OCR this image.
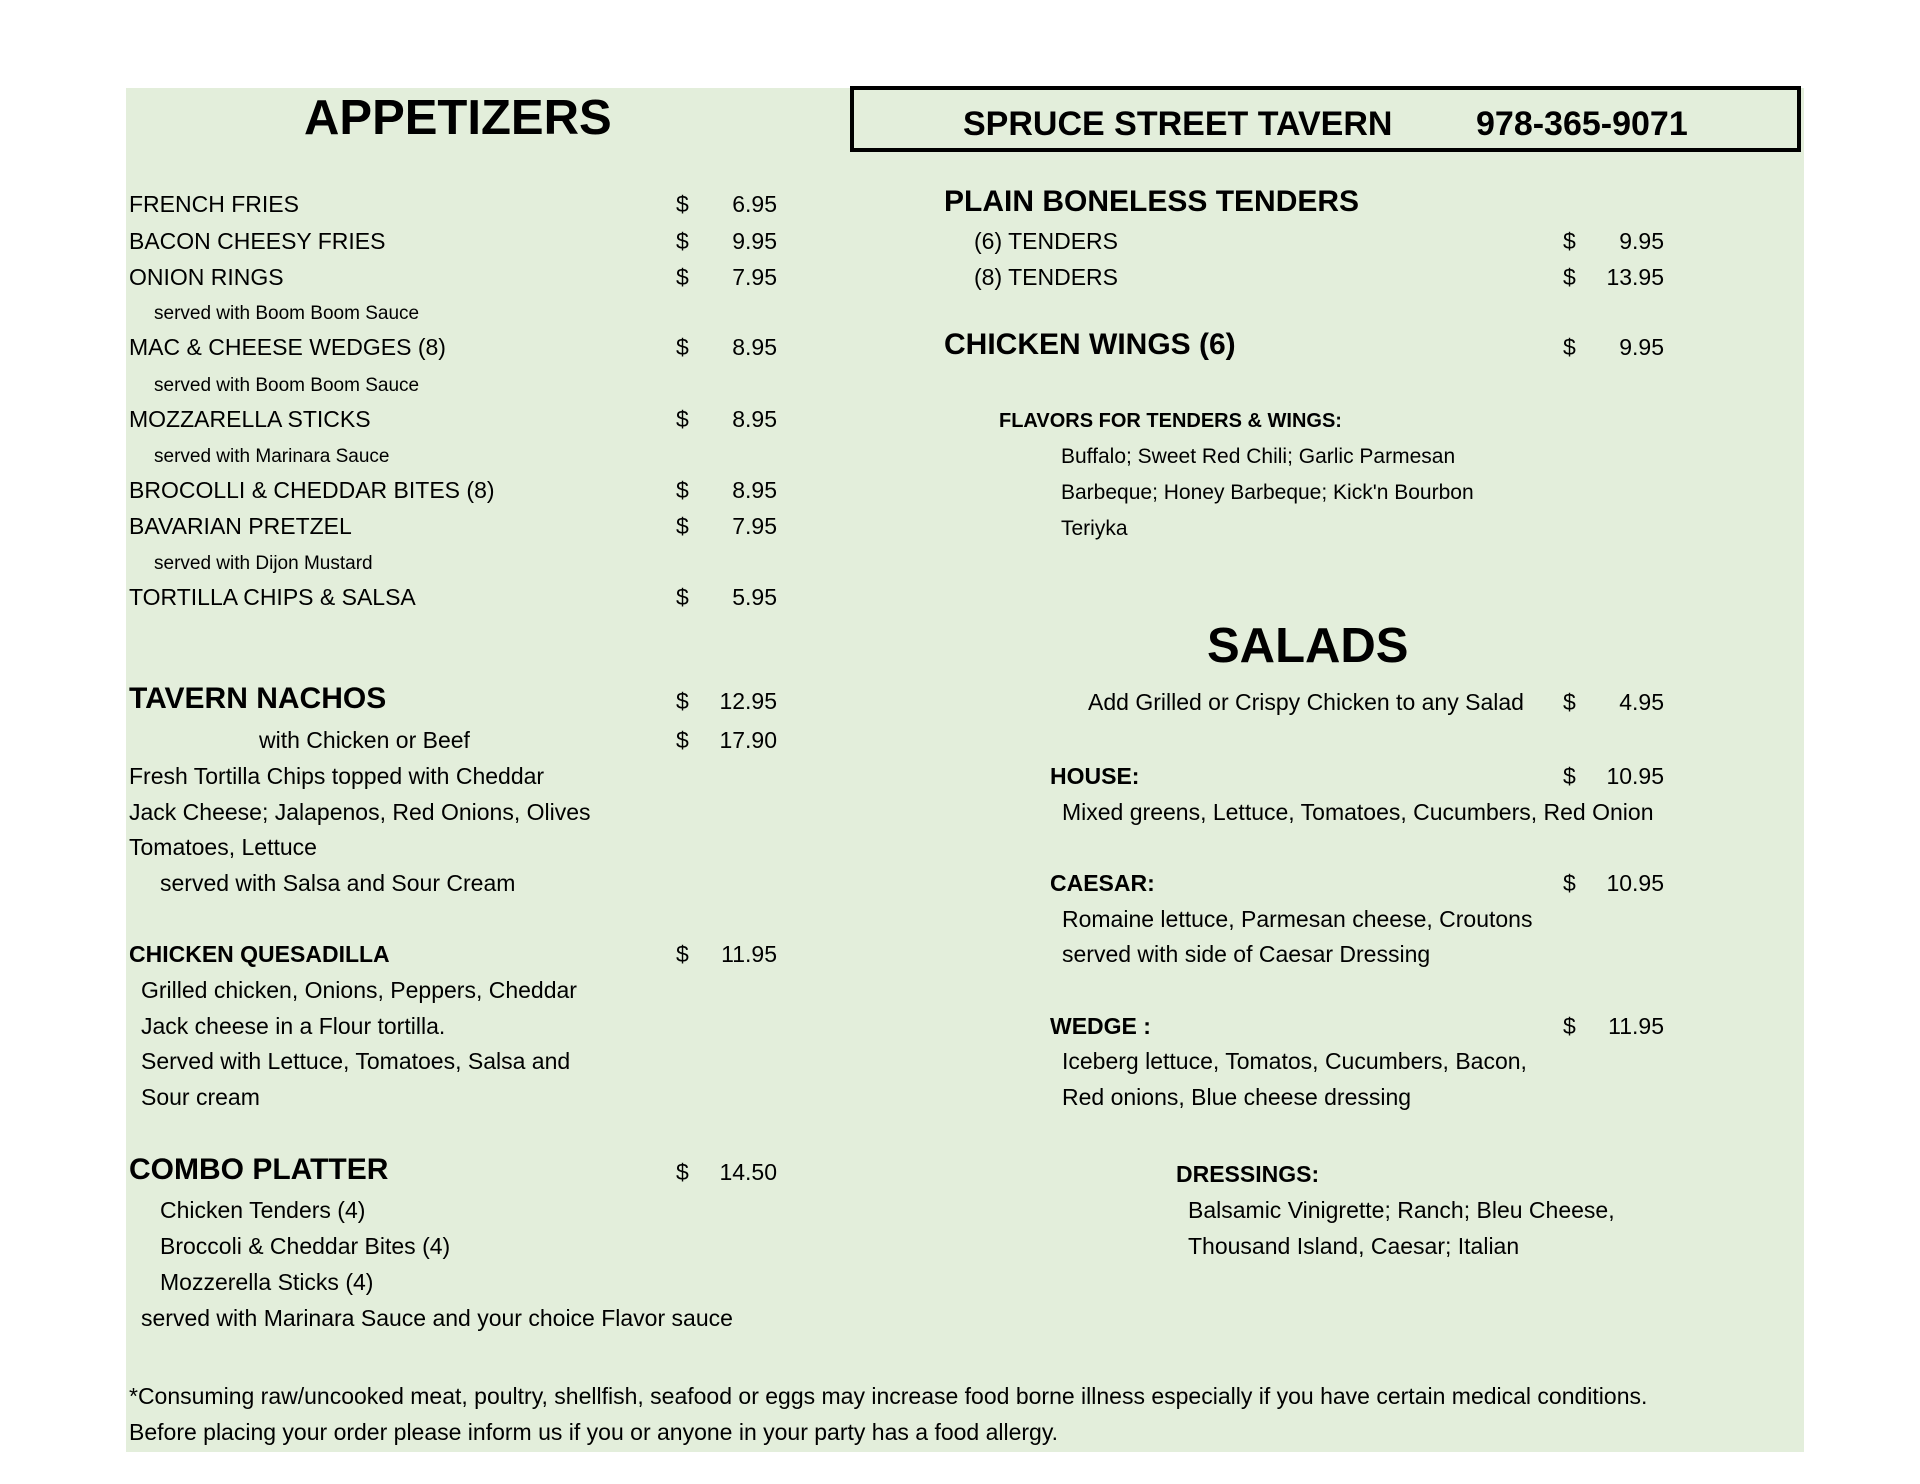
SPRUCE STREET TAVERN 978-365-9071
APPETIZERS
FRENCH FRIES	$	6.95
BACON CHEESY FRIES	$	9.95
ONION RINGS	$	7.95
served with Boom Boom Sauce
MAC & CHEESE WEDGES (8)	$	8.95
served with Boom Boom Sauce
MOZZARELLA STICKS	$	8.95
served with Marinara Sauce
BROCOLLI & CHEDDAR BITES (8)	$	8.95
BAVARIAN PRETZEL	$	7.95
served with Dijon Mustard
TORTILLA CHIPS & SALSA	$	5.95
TAVERN NACHOS	$	12.95
with Chicken or Beef	$	17.90
Fresh Tortilla Chips topped with Cheddar
Jack Cheese; Jalapenos, Red Onions, Olives
Tomatoes, Lettuce
served with Salsa and Sour Cream
CHICKEN QUESADILLA	$	11.95
Grilled chicken, Onions, Peppers, Cheddar
Jack cheese in a Flour tortilla.
Served with Lettuce, Tomatoes, Salsa and
Sour cream
COMBO PLATTER	$	14.50
Chicken Tenders (4)
Broccoli & Cheddar Bites (4)
Mozzerella Sticks (4)
served with Marinara Sauce and your choice Flavor sauce
PLAIN BONELESS TENDERS
(6) TENDERS	$	9.95
(8) TENDERS	$	13.95
CHICKEN WINGS (6)	$	9.95
FLAVORS FOR TENDERS & WINGS:
Buffalo; Sweet Red Chili; Garlic Parmesan
Barbeque; Honey Barbeque; Kick'n Bourbon
Teriyka
SALADS
Add Grilled or Crispy Chicken to any Salad $	4.95
HOUSE:	$	10.95
Mixed greens, Lettuce, Tomatoes, Cucumbers, Red Onion
CAESAR:	$	10.95
Romaine lettuce, Parmesan cheese, Croutons
served with side of Caesar Dressing
WEDGE :	$	11.95
Iceberg lettuce, Tomatos, Cucumbers, Bacon,
Red onions, Blue cheese dressing
DRESSINGS:
Balsamic Vinigrette; Ranch; Bleu Cheese,
Thousand Island, Caesar; Italian
*Consuming raw/uncooked meat, poultry, shellfish, seafood or eggs may increase food borne illness especially if you have certain medical conditions.
Before placing your order please inform us if you or anyone in your party has a food allergy.
